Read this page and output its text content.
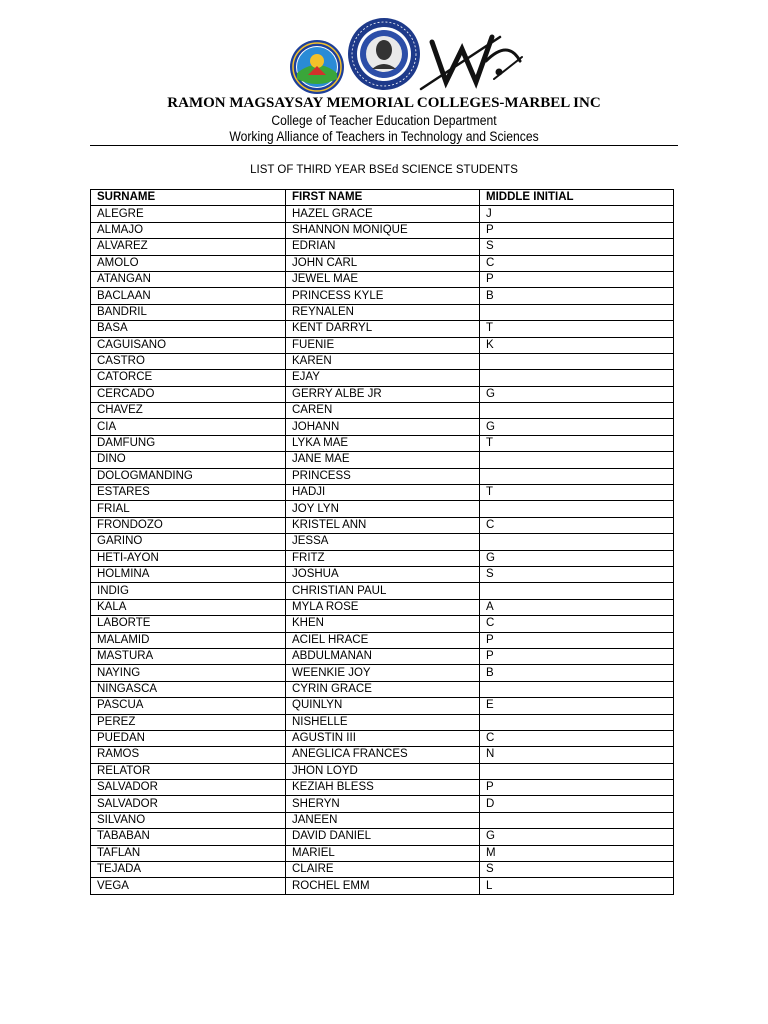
RAMON MAGSAYSAY MEMORIAL COLLEGES-MARBEL INC
College of Teacher Education Department
Working Alliance of Teachers in Technology and Sciences
LIST OF THIRD YEAR BSEd SCIENCE STUDENTS
SURNAME	FIRST NAME	MIDDLE INITIAL
ALEGRE	HAZEL GRACE	J
ALMAJO	SHANNON MONIQUE	P
ALVAREZ	EDRIAN	S
AMOLO	JOHN CARL	C
ATANGAN	JEWEL MAE	P
BACLAAN	PRINCESS KYLE	B
BANDRIL	REYNALEN	
BASA	KENT DARRYL	T
CAGUISANO	FUENIE	K
CASTRO	KAREN	
CATORCE	EJAY	
CERCADO	GERRY ALBE JR	G
CHAVEZ	CAREN	
CIA	JOHANN	G
DAMFUNG	LYKA MAE	T
DINO	JANE MAE	
DOLOGMANDING	PRINCESS	
ESTARES	HADJI	T
FRIAL	JOY LYN	
FRONDOZO	KRISTEL ANN	C
GARINO	JESSA	
HETI-AYON	FRITZ	G
HOLMINA	JOSHUA	S
INDIG	CHRISTIAN PAUL	
KALA	MYLA ROSE	A
LABORTE	KHEN	C
MALAMID	ACIEL HRACE	P
MASTURA	ABDULMANAN	P
NAYING	WEENKIE JOY	B
NINGASCA	CYRIN GRACE	
PASCUA	QUINLYN	E
PEREZ	NISHELLE	
PUEDAN	AGUSTIN III	C
RAMOS	ANEGLICA FRANCES	N
RELATOR	JHON LOYD	
SALVADOR	KEZIAH BLESS	P
SALVADOR	SHERYN	D
SILVANO	JANEEN	
TABABAN	DAVID DANIEL	G
TAFLAN	MARIEL	M
TEJADA	CLAIRE	S
VEGA	ROCHEL EMM	L
